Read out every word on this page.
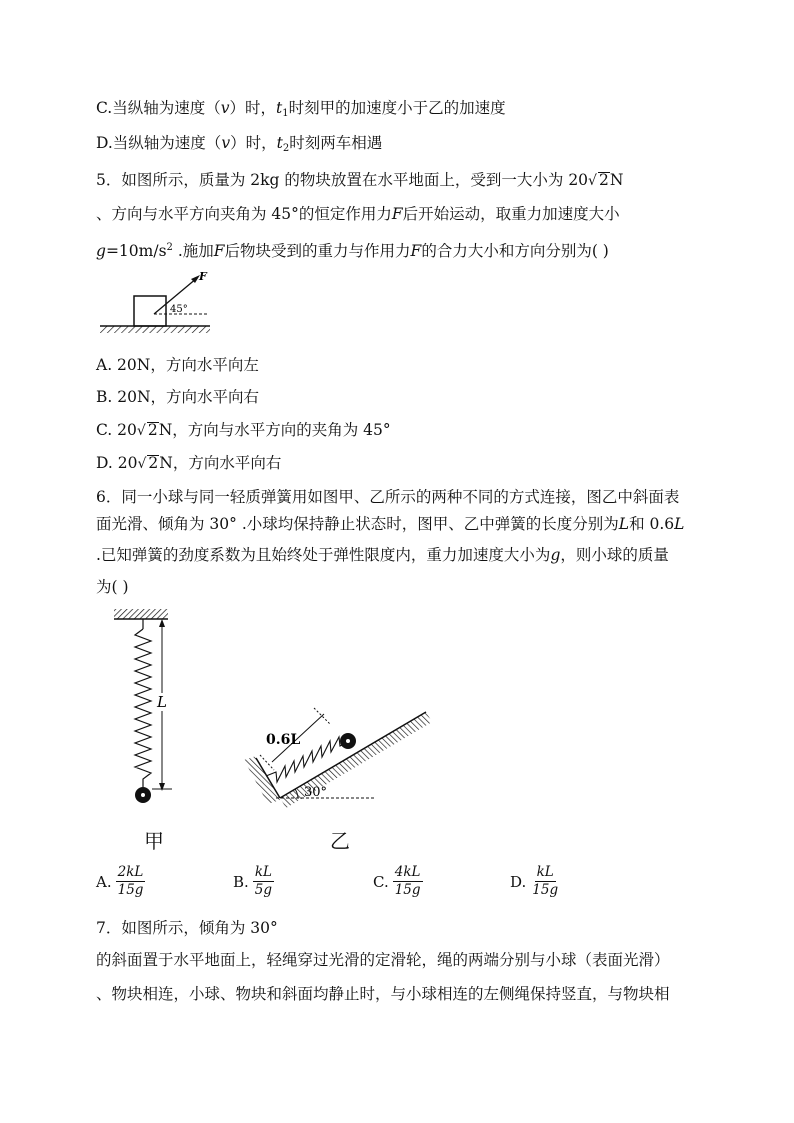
C.当纵轴为速度（v）时，$t_1$时刻甲的加速度小于乙的加速度
D.当纵轴为速度（v）时，$t_2$时刻两车相遇
5．如图所示，质量为 2kg 的物块放置在水平地面上，受到一大小为 20√ 2N
、方向与水平方向夹角为 45°的恒定作用力F后开始运动，取重力加速度大小
$g=10m/s^2$ .施加F后物块受到的重力与作用力F的合力大小和方向分别为( )
F
45°
A. 20N，方向水平向左
B. 20N，方向水平向右
C. 20√ 2N，方向与水平方向的夹角为 45°
D. 20√ 2N，方向水平向右
6．同一小球与同一轻质弹簧用如图甲、乙所示的两种不同的方式连接，图乙中斜面表
面光滑、倾角为 30° .小球均保持静止状态时，图甲、乙中弹簧的长度分别为L和 0.6L
.已知弹簧的劲度系数为且始终处于弹性限度内，重力加速度大小为g，则小球的质量
为( )
L
0.6L
30°
甲	乙
A. $\frac{2kL}{15g}$	B. $\frac{kL}{5g}$	C. $\frac{4kL}{15g}$	D. $\frac{kL}{15g}$
7．如图所示，倾角为 30°
的斜面置于水平地面上，轻绳穿过光滑的定滑轮，绳的两端分别与小球（表面光滑）
、物块相连，小球、物块和斜面均静止时，与小球相连的左侧绳保持竖直，与物块相
